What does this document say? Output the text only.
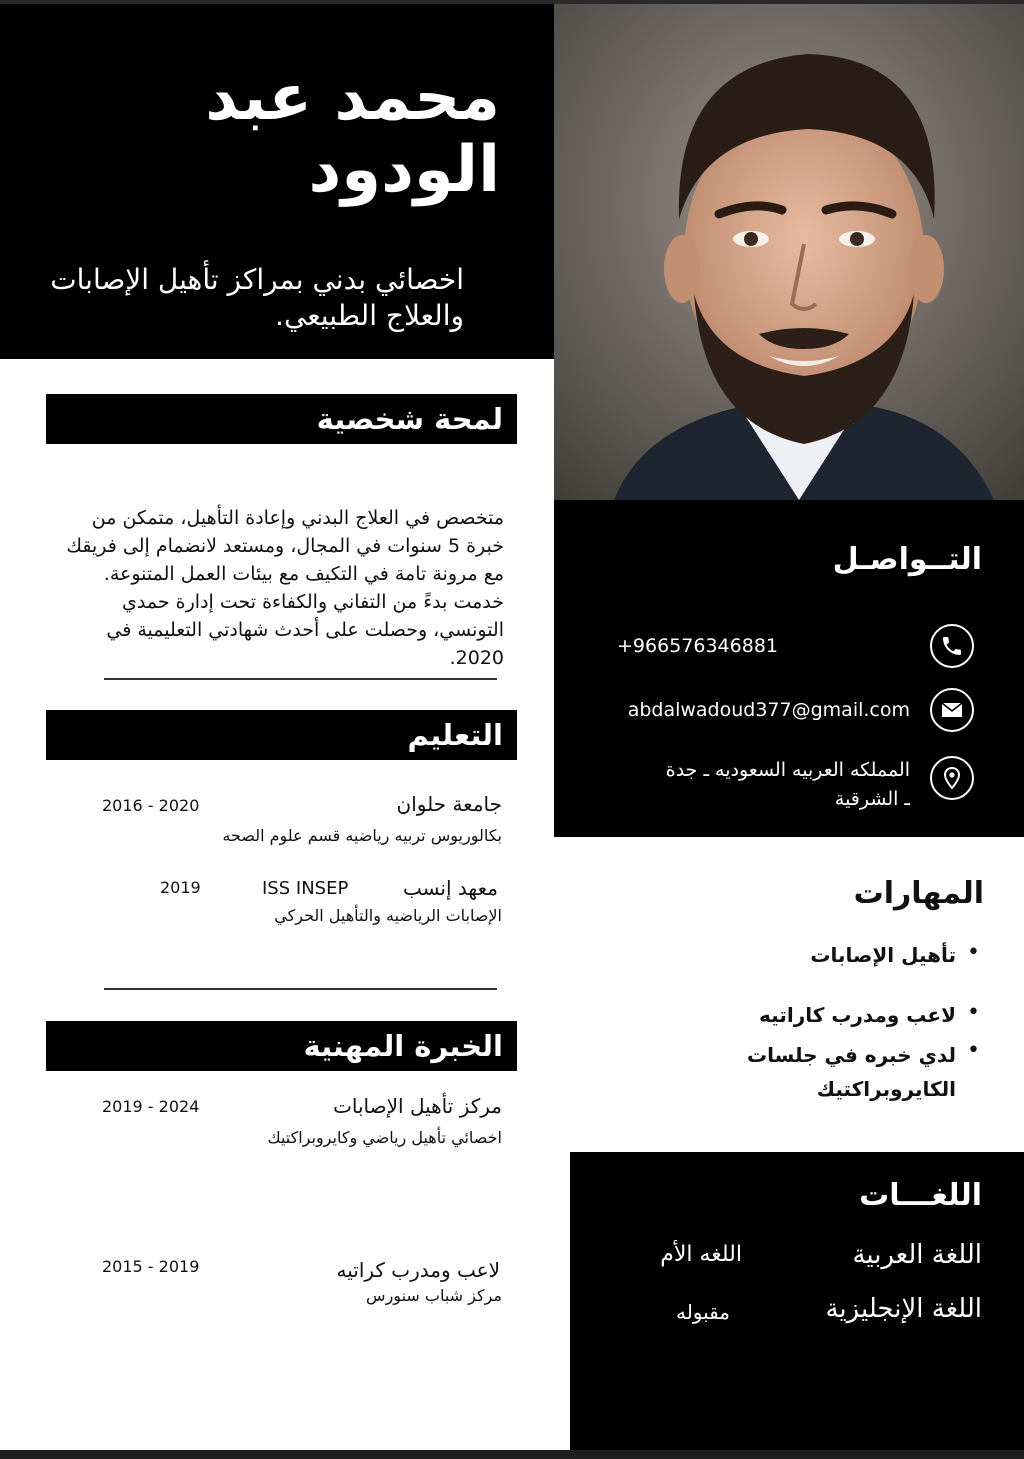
محمد عبد الودود
اخصائي بدني بمراكز تأهيل الإصابات والعلاج الطبيعي.
التــواصـل
+966576346881
abdalwadoud377@gmail.com
المملكه العربيه السعوديه ـ جدة
ـ الشرقية
المهارات
•
تأهيل الإصابات
•
لاعب ومدرب كاراتيه
•
لدي خبره في جلسات الكايروبراكتيك
اللغـــات
اللغة العربية
اللغه الأم
اللغة الإنجليزية
مقبوله
لمحة شخصية
متخصص في العلاج البدني وإعادة التأهيل، متمكن من خبرة 5 سنوات في المجال، ومستعد لانضمام إلى فريقك مع مرونة تامة في التكيف مع بيئات العمل المتنوعة. خدمت بدءً من التفاني والكفاءة تحت إدارة حمدي التونسي، وحصلت على أحدث شهادتي التعليمية في 2020.
التعليم
جامعة حلوان
2016 - 2020
بكالوريوس تربيه رياضيه قسم علوم الصحه
معهد إنسب
ISS INSEP
2019
الإصابات الرياضيه والتأهيل الحركي
الخبرة المهنية
مركز تأهيل الإصابات
2019 - 2024
اخصائي تأهيل رياضي وكايروبراكتيك
لاعب ومدرب كراتيه
2015 - 2019
مركز شباب سنورس
